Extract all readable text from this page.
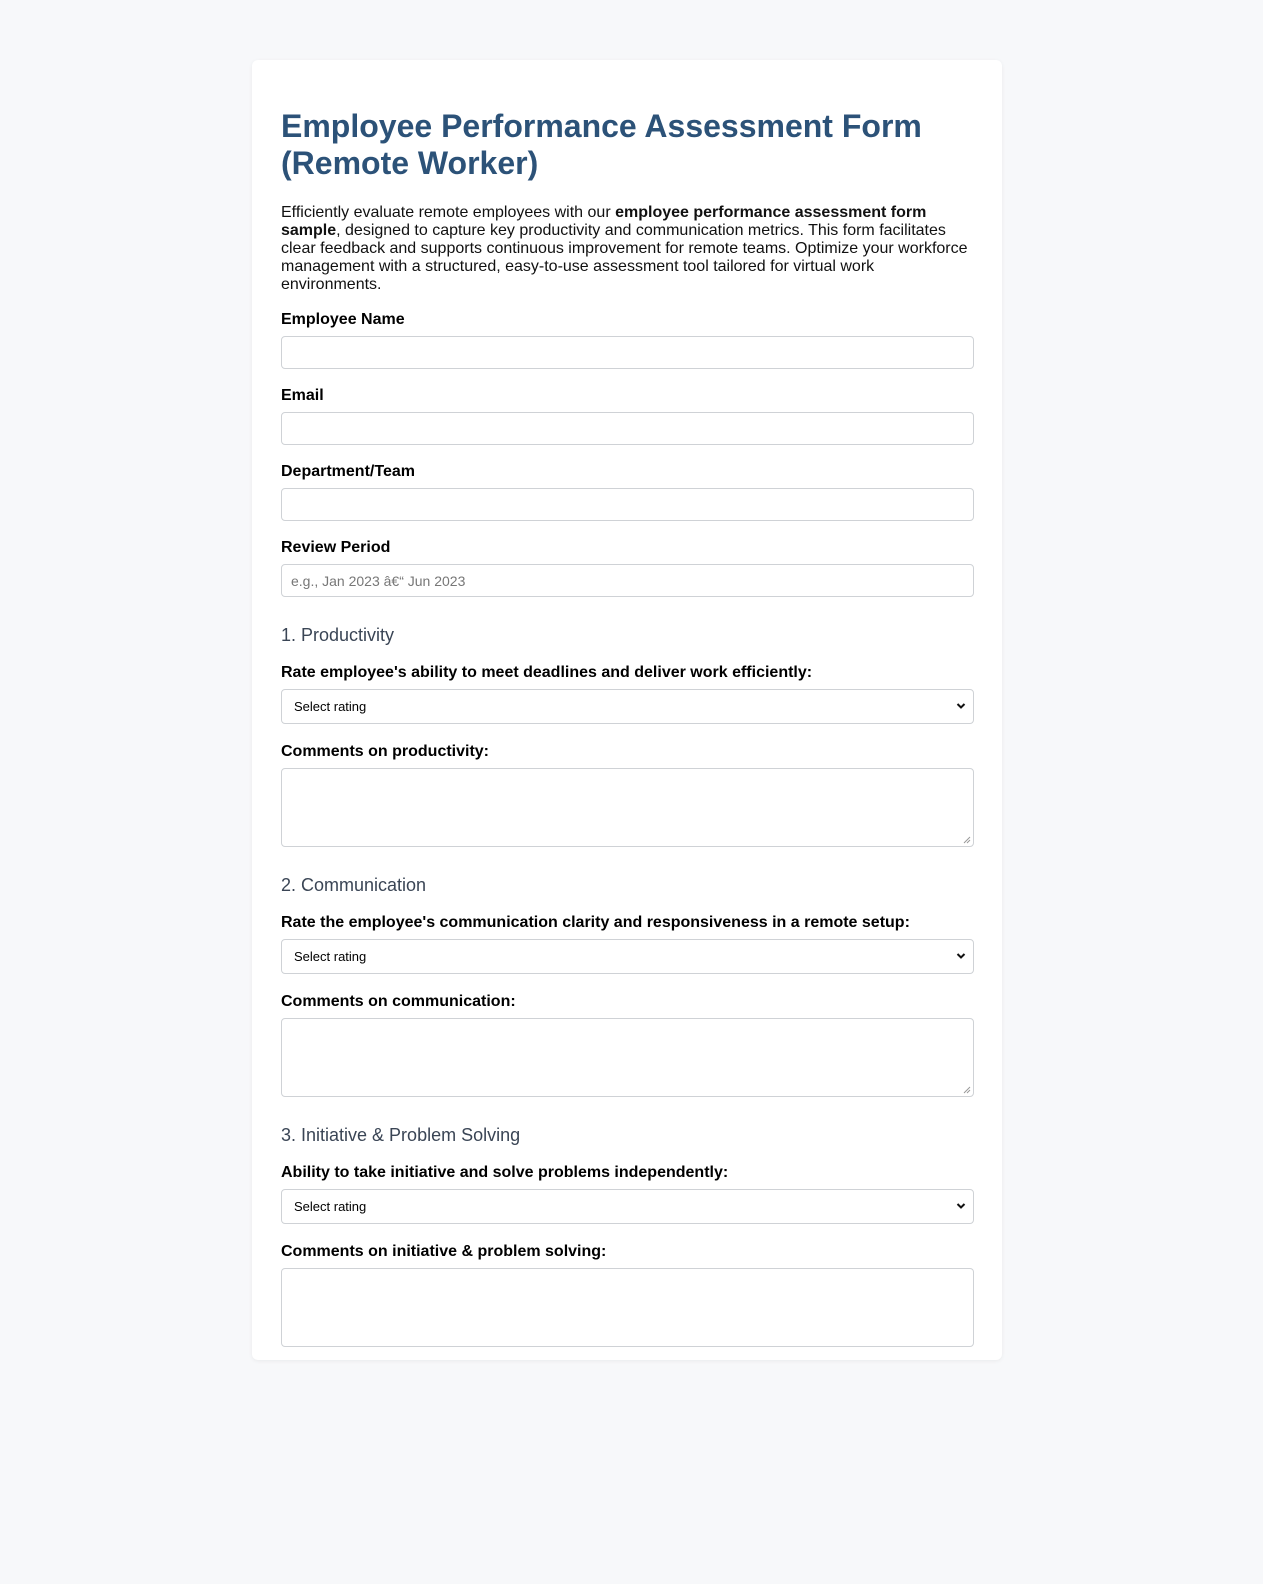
Employee Performance Assessment Form (Remote Worker)

Efficiently evaluate remote employees with our employee performance assessment form sample, designed to capture key productivity and communication metrics. This form facilitates clear feedback and supports continuous improvement for remote teams. Optimize your workforce management with a structured, easy-to-use assessment tool tailored for virtual work environments.

Employee Name
Email
Department/Team
Review Period
e.g., Jan 2023 â€“ Jun 2023
1. Productivity
Rate employee's ability to meet deadlines and deliver work efficiently:
Select rating
Comments on productivity:
2. Communication
Rate the employee's communication clarity and responsiveness in a remote setup:
Select rating
Comments on communication:
3. Initiative & Problem Solving
Ability to take initiative and solve problems independently:
Select rating
Comments on initiative & problem solving:
